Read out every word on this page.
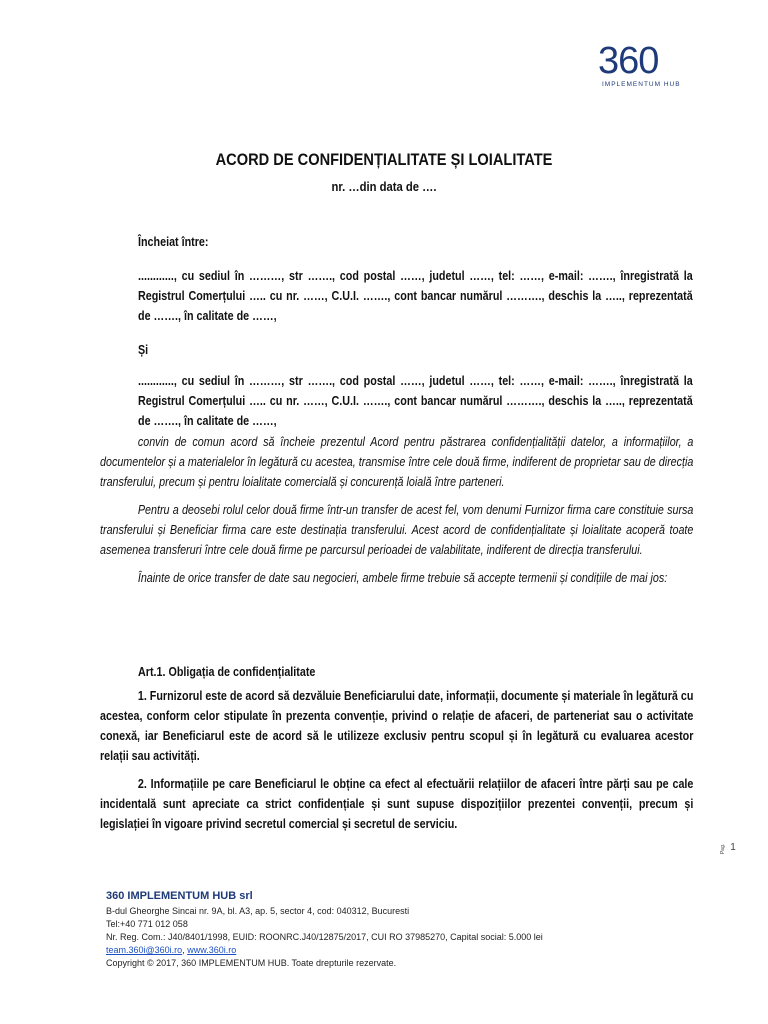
360
IMPLEMENTUM HUB
ACORD DE CONFIDENȚIALITATE ȘI LOIALITATE
nr. …din data de ….
Încheiat între:
............, cu sediul în ………, str ……., cod postal ……, judetul ……, tel: ……, e-mail: ……., înregistrată la Registrul Comerțului ….. cu nr. ……, C.U.I. ……., cont bancar numărul ………., deschis la ….., reprezentată de ……., în calitate de ……,
Și
............, cu sediul în ………, str ……., cod postal ……, judetul ……, tel: ……, e-mail: ……., înregistrată la Registrul Comerțului ….. cu nr. ……, C.U.I. ……., cont bancar numărul ………., deschis la ….., reprezentată de ……., în calitate de ……,
convin de comun acord să încheie prezentul Acord pentru păstrarea confidențialității datelor, a informațiilor, a documentelor și a materialelor în legătură cu acestea, transmise între cele două firme, indiferent de proprietar sau de direcția transferului, precum și pentru loialitate comercială și concurență loială între parteneri.
Pentru a deosebi rolul celor două firme într-un transfer de acest fel, vom denumi Furnizor firma care constituie sursa transferului și Beneficiar firma care este destinația transferului. Acest acord de confidențialitate și loialitate acoperă toate asemenea transferuri între cele două firme pe parcursul perioadei de valabilitate, indiferent de direcția transferului.
Înainte de orice transfer de date sau negocieri, ambele firme trebuie să accepte termenii și condițiile de mai jos:
Art.1. Obligația de confidențialitate
1. Furnizorul este de acord să dezvăluie Beneficiarului date, informații, documente și materiale în legătură cu acestea, conform celor stipulate în prezenta convenție, privind o relație de afaceri, de parteneriat sau o activitate conexă, iar Beneficiarul este de acord să le utilizeze exclusiv pentru scopul și în legătură cu evaluarea acestor relații sau activități.
2. Informațiile pe care Beneficiarul le obține ca efect al efectuării relațiilor de afaceri între părți sau pe cale incidentală sunt apreciate ca strict confidențiale și sunt supuse dispozițiilor prezentei convenții, precum și legislației în vigoare privind secretul comercial și secretul de serviciu.
Pag. 1
360 IMPLEMENTUM HUB srl
B-dul Gheorghe Sincai nr. 9A, bl. A3, ap. 5, sector 4, cod: 040312, Bucuresti
Tel:+40 771 012 058
Nr. Reg. Com.: J40/8401/1998, EUID: ROONRC.J40/12875/2017, CUI RO 37985270, Capital social: 5.000 lei
team.360i@360i.ro, www.360i.ro
Copyright © 2017, 360 IMPLEMENTUM HUB. Toate drepturile rezervate.
